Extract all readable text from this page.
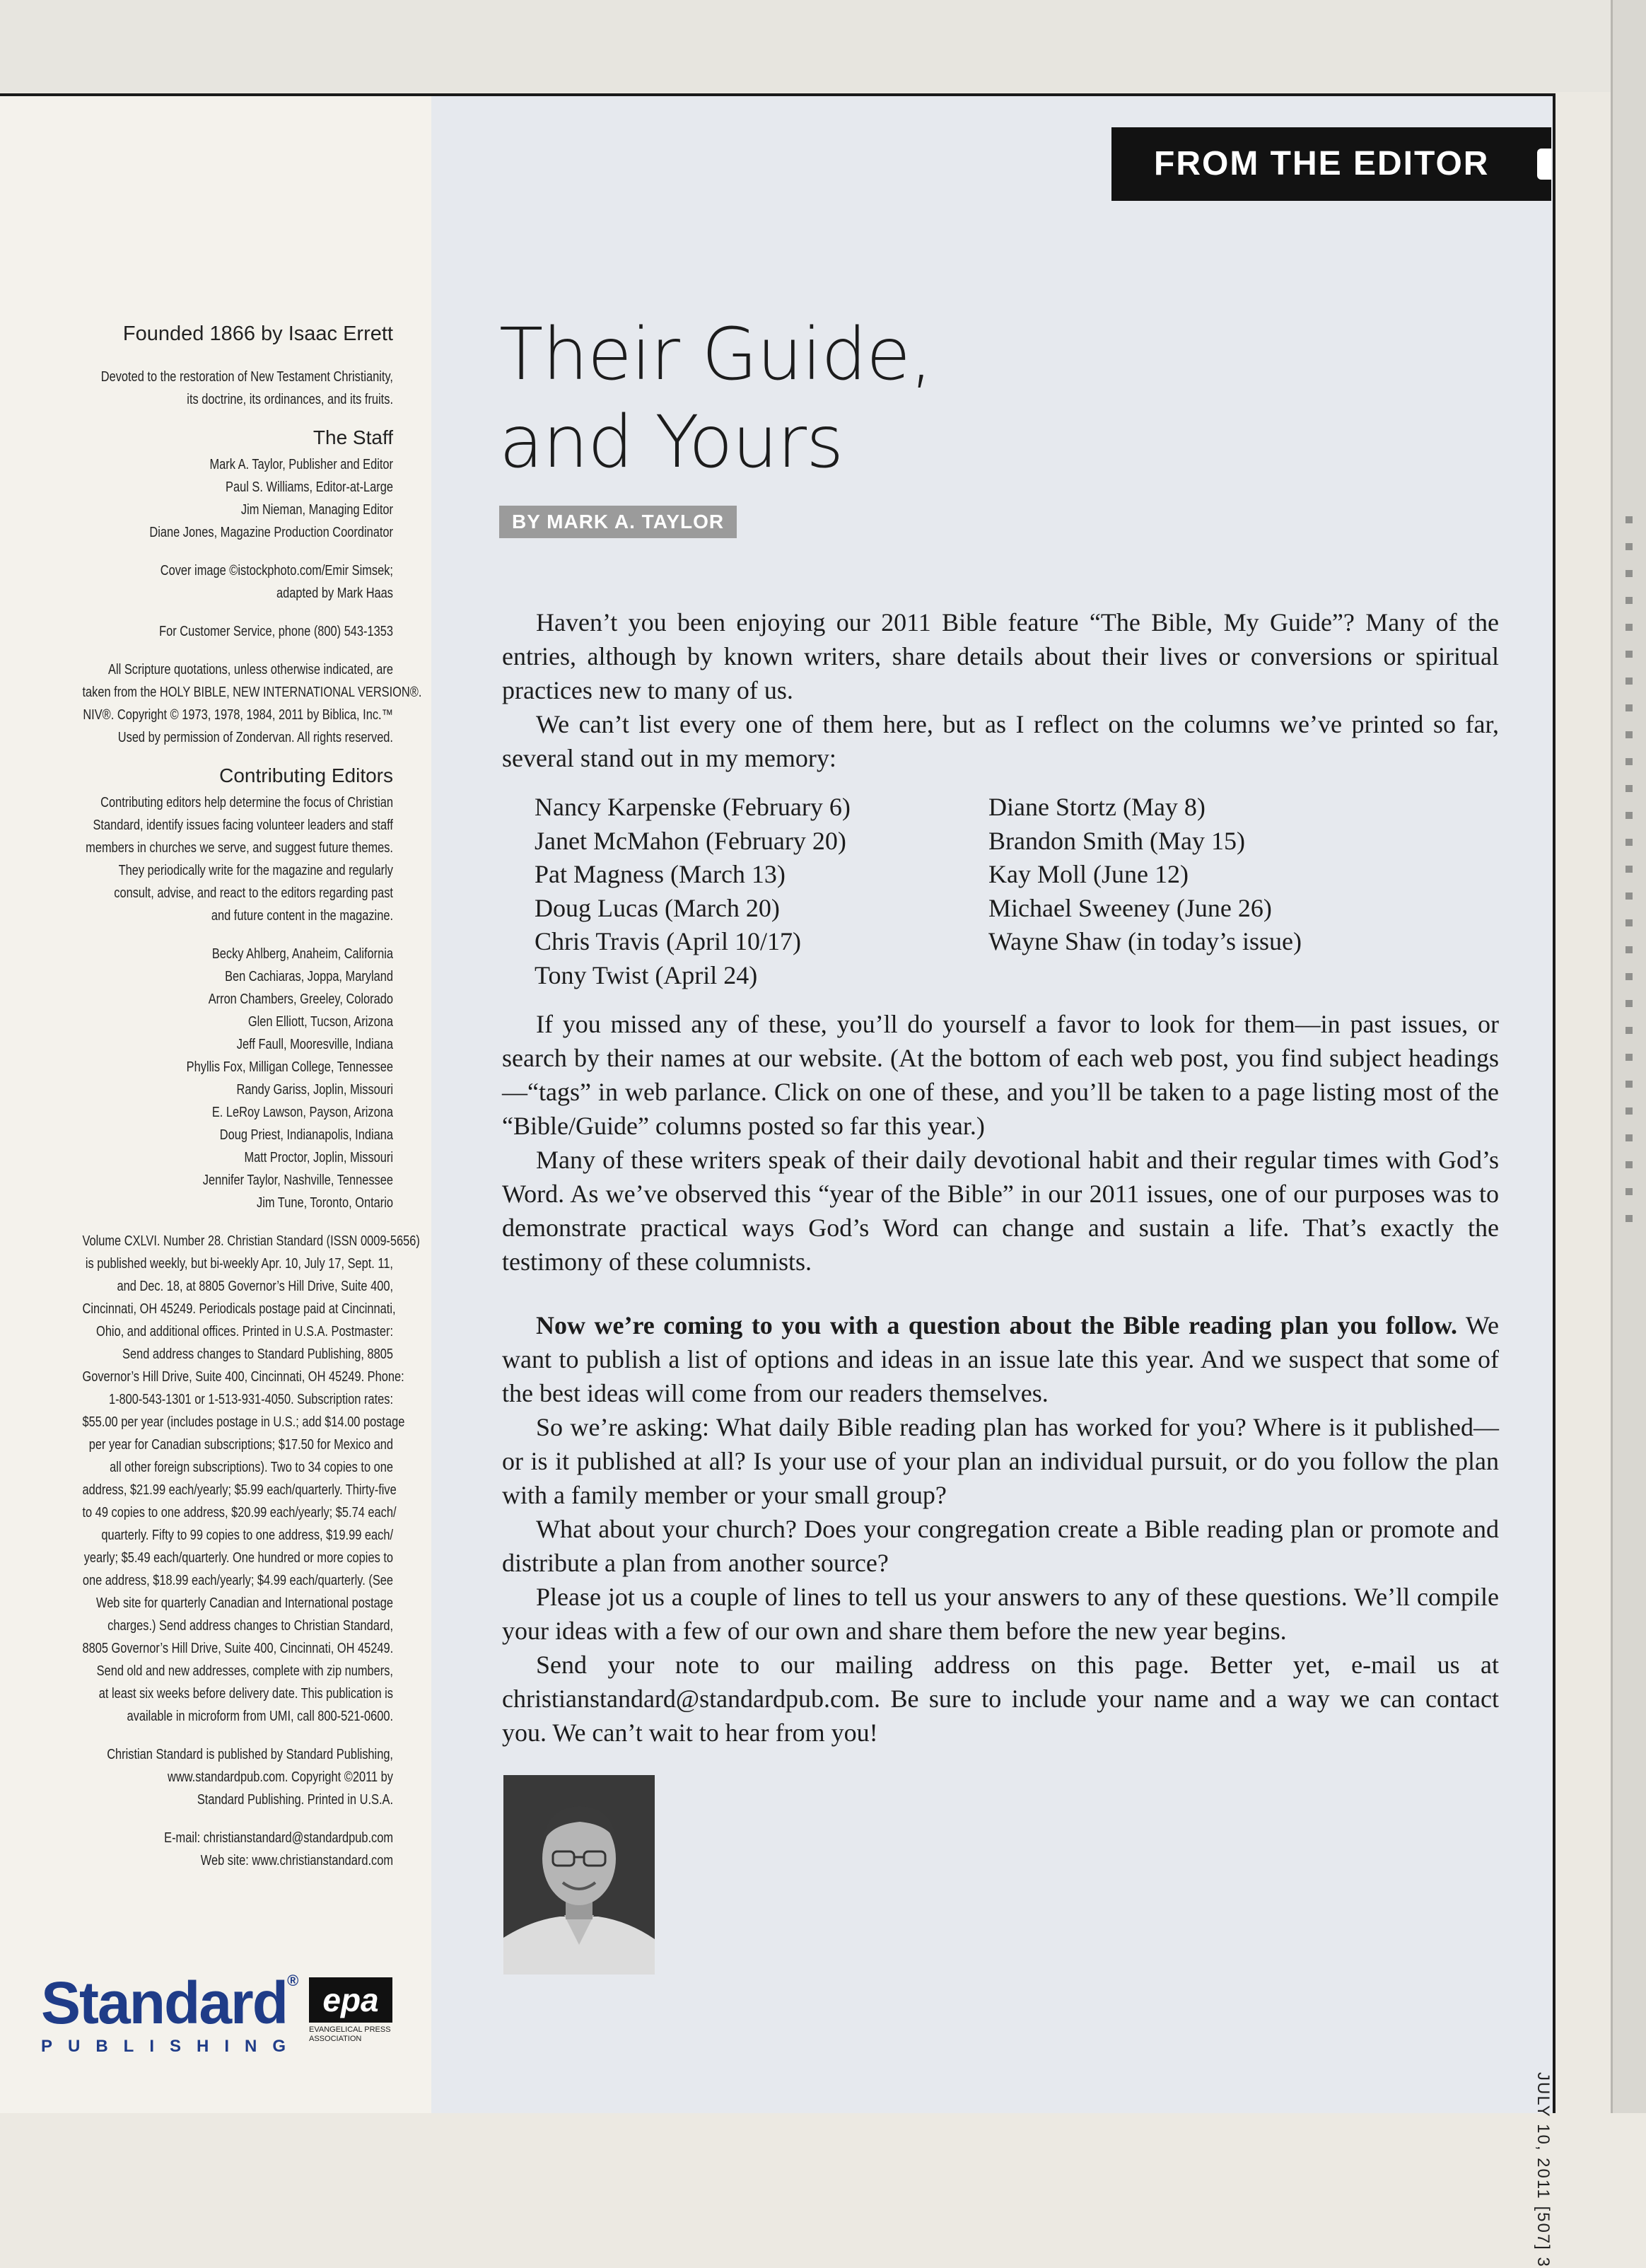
FROM THE EDITOR
Founded 1866 by Isaac Errett

Devoted to the restoration of New Testament Christianity,

its doctrine, its ordinances, and its fruits.

The Staff

Mark A. Taylor, Publisher and Editor

Paul S. Williams, Editor-at-Large

Jim Nieman, Managing Editor

Diane Jones, Magazine Production Coordinator

Cover image ©istockphoto.com/Emir Simsek;

adapted by Mark Haas

For Customer Service, phone (800) 543-1353

All Scripture quotations, unless otherwise indicated, are

taken from the HOLY BIBLE, NEW INTERNATIONAL VERSION®.

NIV®. Copyright © 1973, 1978, 1984, 2011 by Biblica, Inc.™

Used by permission of Zondervan. All rights reserved.

Contributing Editors

Contributing editors help determine the focus of Christian

Standard, identify issues facing volunteer leaders and staff

members in churches we serve, and suggest future themes.

They periodically write for the magazine and regularly

consult, advise, and react to the editors regarding past

and future content in the magazine.

Becky Ahlberg, Anaheim, California

Ben Cachiaras, Joppa, Maryland

Arron Chambers, Greeley, Colorado

Glen Elliott, Tucson, Arizona

Jeff Faull, Mooresville, Indiana

Phyllis Fox, Milligan College, Tennessee

Randy Gariss, Joplin, Missouri

E. LeRoy Lawson, Payson, Arizona

Doug Priest, Indianapolis, Indiana

Matt Proctor, Joplin, Missouri

Jennifer Taylor, Nashville, Tennessee

Jim Tune, Toronto, Ontario

Volume CXLVI. Number 28. Christian Standard (ISSN 0009-5656)

is published weekly, but bi-weekly Apr. 10, July 17, Sept. 11,

and Dec. 18, at 8805 Governor’s Hill Drive, Suite 400,

Cincinnati, OH 45249. Periodicals postage paid at Cincinnati,

Ohio, and additional offices. Printed in U.S.A. Postmaster:

Send address changes to Standard Publishing, 8805

Governor’s Hill Drive, Suite 400, Cincinnati, OH 45249. Phone:

1-800-543-1301 or 1-513-931-4050. Subscription rates:

$55.00 per year (includes postage in U.S.; add $14.00 postage

per year for Canadian subscriptions; $17.50 for Mexico and

all other foreign subscriptions). Two to 34 copies to one

address, $21.99 each/yearly; $5.99 each/quarterly. Thirty-five

to 49 copies to one address, $20.99 each/yearly; $5.74 each/

quarterly. Fifty to 99 copies to one address, $19.99 each/

yearly; $5.49 each/quarterly. One hundred or more copies to

one address, $18.99 each/yearly; $4.99 each/quarterly. (See

Web site for quarterly Canadian and International postage

charges.) Send address changes to Christian Standard,

8805 Governor’s Hill Drive, Suite 400, Cincinnati, OH 45249.

Send old and new addresses, complete with zip numbers,

at least six weeks before delivery date. This publication is

available in microform from UMI, call 800-521-0600.

Christian Standard is published by Standard Publishing,

www.standardpub.com. Copyright ©2011 by

Standard Publishing. Printed in U.S.A.

E-mail: christianstandard@standardpub.com

Web site: www.christianstandard.com

Standard®
PUBLISHING
epa
EVANGELICAL PRESS ASSOCIATION
Their Guide,
and Yours
BY MARK A. TAYLOR

Haven’t you been enjoying our 2011 Bible feature “The Bible, My Guide”? Many of the entries, although by known writers, share details about their lives or conversions or spiritual practices new to many of us.

We can’t list every one of them here, but as I reflect on the columns we’ve printed so far, several stand out in my memory:

Nancy Karpenske (February 6)
Janet McMahon (February 20)
Pat Magness (March 13)
Doug Lucas (March 20)
Chris Travis (April 10/17)
Tony Twist (April 24)
Diane Stortz (May 8)
Brandon Smith (May 15)
Kay Moll (June 12)
Michael Sweeney (June 26)
Wayne Shaw (in today’s issue)

If you missed any of these, you’ll do yourself a favor to look for them—in past issues, or search by their names at our website. (At the bottom of each web post, you find subject headings—“tags” in web parlance. Click on one of these, and you’ll be taken to a page listing most of the “Bible/Guide” columns posted so far this year.)

Many of these writers speak of their daily devotional habit and their regular times with God’s Word. As we’ve observed this “year of the Bible” in our 2011 issues, one of our purposes was to demonstrate practical ways God’s Word can change and sustain a life. That’s exactly the testimony of these columnists.

Now we’re coming to you with a question about the Bible reading plan you follow. We want to publish a list of options and ideas in an issue late this year. And we suspect that some of the best ideas will come from our readers themselves.

So we’re asking: What daily Bible reading plan has worked for you? Where is it published—or is it published at all? Is your use of your plan an individual pursuit, or do you follow the plan with a family member or your small group?

What about your church? Does your congregation create a Bible reading plan or promote and distribute a plan from another source?

Please jot us a couple of lines to tell us your answers to any of these questions. We’ll compile your ideas with a few of our own and share them before the new year begins.

Send your note to our mailing address on this page. Better yet, e-mail us at christianstandard@standardpub.com. Be sure to include your name and a way we can contact you. We can’t wait to hear from you!

JULY 10, 2011 [507] 3
